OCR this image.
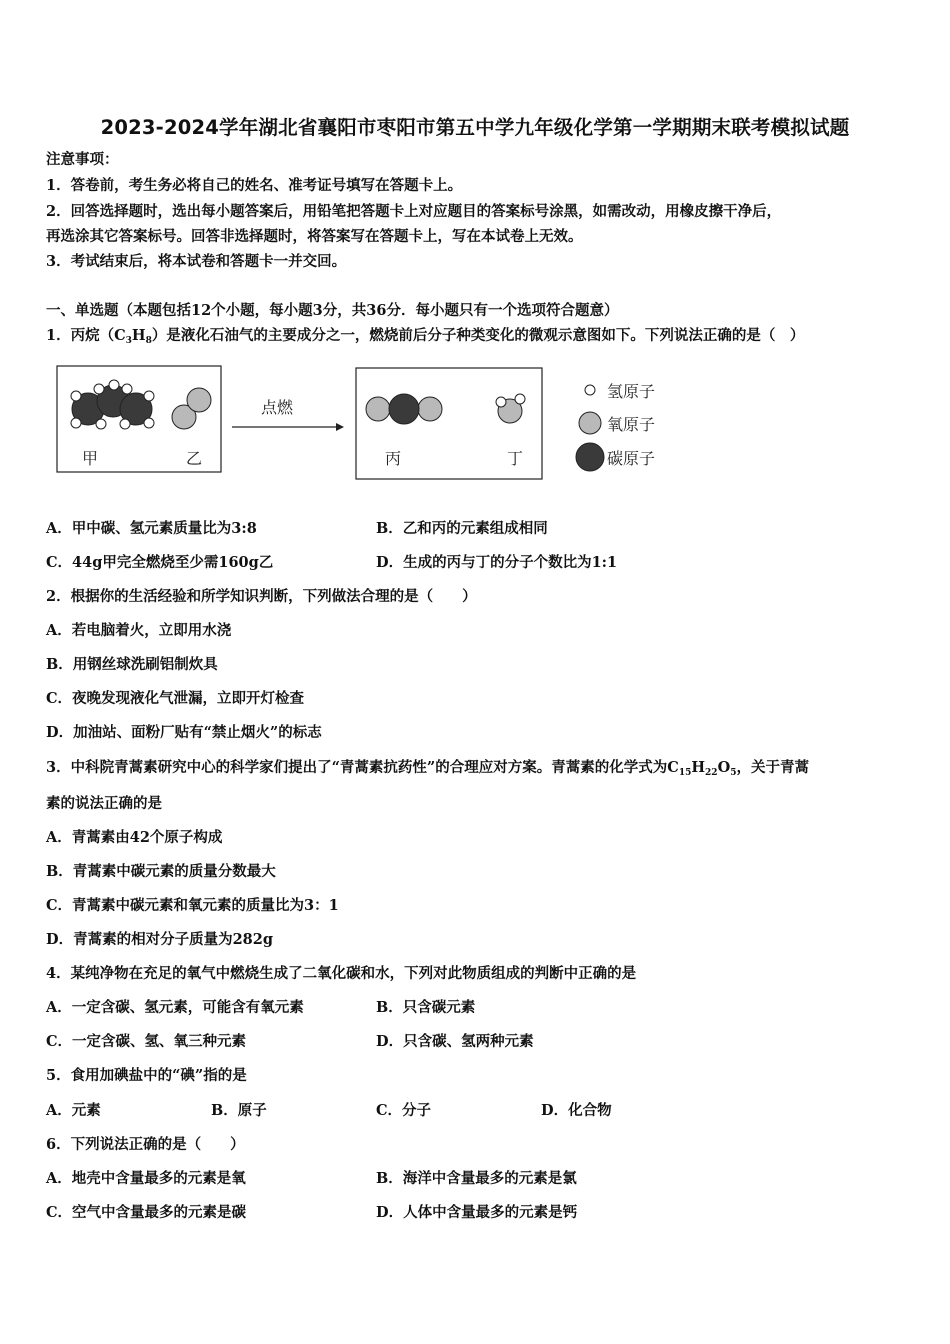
2023-2024学年湖北省襄阳市枣阳市第五中学九年级化学第一学期期末联考模拟试题
注意事项：
1．答卷前，考生务必将自己的姓名、准考证号填写在答题卡上。
2．回答选择题时，选出每小题答案后，用铅笔把答题卡上对应题目的答案标号涂黑，如需改动，用橡皮擦干净后，
再选涂其它答案标号。回答非选择题时，将答案写在答题卡上，写在本试卷上无效。
3．考试结束后，将本试卷和答题卡一并交回。
一、单选题（本题包括12个小题，每小题3分，共36分．每小题只有一个选项符合题意）
1．丙烷$(C_3H_8)$是液化石油气的主要成分之一，燃烧前后分子种类变化的微观示意图如下。下列说法正确的是（　）
甲	乙
点燃
丙	丁
氢原子
氧原子
碳原子
A．甲中碳、氢元素质量比为3:8	B．乙和丙的元素组成相同
C．44g甲完全燃烧至少需160g乙	D．生成的丙与丁的分子个数比为1:1
2．根据你的生活经验和所学知识判断，下列做法合理的是（　　）
A．若电脑着火，立即用水浇
B．用钢丝球洗刷铝制炊具
C．夜晚发现液化气泄漏，立即开灯检查
D．加油站、面粉厂贴有“禁止烟火”的标志
3．中科院青蒿素研究中心的科学家们提出了“青蒿素抗药性”的合理应对方案。青蒿素的化学式为$C_{15}H_{22}O_5$，关于青蒿
素的说法正确的是
A．青蒿素由42个原子构成
B．青蒿素中碳元素的质量分数最大
C．青蒿素中碳元素和氧元素的质量比为3：1
D．青蒿素的相对分子质量为282g
4．某纯净物在充足的氧气中燃烧生成了二氧化碳和水，下列对此物质组成的判断中正确的是
A．一定含碳、氢元素，可能含有氧元素	B．只含碳元素
C．一定含碳、氢、氧三种元素	D．只含碳、氢两种元素
5．食用加碘盐中的“碘”指的是
A．元素	B．原子	C．分子	D．化合物
6．下列说法正确的是（　　）
A．地壳中含量最多的元素是氧	B．海洋中含量最多的元素是氯
C．空气中含量最多的元素是碳	D．人体中含量最多的元素是钙
